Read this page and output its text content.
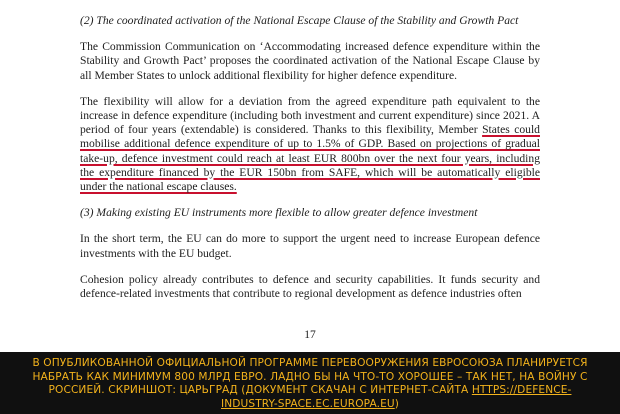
(2) The coordinated activation of the National Escape Clause of the Stability and Growth Pact

The Commission Communication on ‘Accommodating increased defence expenditure within the Stability and Growth Pact’ proposes the coordinated activation of the National Escape Clause by all Member States to unlock additional flexibility for higher defence expenditure.

The flexibility will allow for a deviation from the agreed expenditure path equivalent to the increase in defence expenditure (including both investment and current expenditure) since 2021. A period of four years (extendable) is considered. Thanks to this flexibility, Member States could mobilise additional defence expenditure of up to 1.5% of GDP. Based on projections of gradual take-up, defence investment could reach at least EUR 800bn over the next four years, including the expenditure financed by the EUR 150bn from SAFE, which will be automatically eligible under the national escape clauses.

(3) Making existing EU instruments more flexible to allow greater defence investment

In the short term, the EU can do more to support the urgent need to increase European defence investments with the EU budget.

Cohesion policy already contributes to defence and security capabilities. It funds security and defence-related investments that contribute to regional development as defence industries often

17
В ОПУБЛИКОВАННОЙ ОФИЦИАЛЬНОЙ ПРОГРАММЕ ПЕРЕВООРУЖЕНИЯ ЕВРОСОЮЗА ПЛАНИРУЕТСЯ НАБРАТЬ КАК МИНИМУМ 800 МЛРД ЕВРО. ЛАДНО БЫ НА ЧТО-ТО ХОРОШЕЕ – ТАК НЕТ, НА ВОЙНУ С РОССИЕЙ. СКРИНШОТ: ЦАРЬГРАД (ДОКУМЕНТ СКАЧАН С ИНТЕРНЕТ-САЙТА HTTPS://DEFENCE-INDUSTRY-SPACE.EC.EUROPA.EU)
